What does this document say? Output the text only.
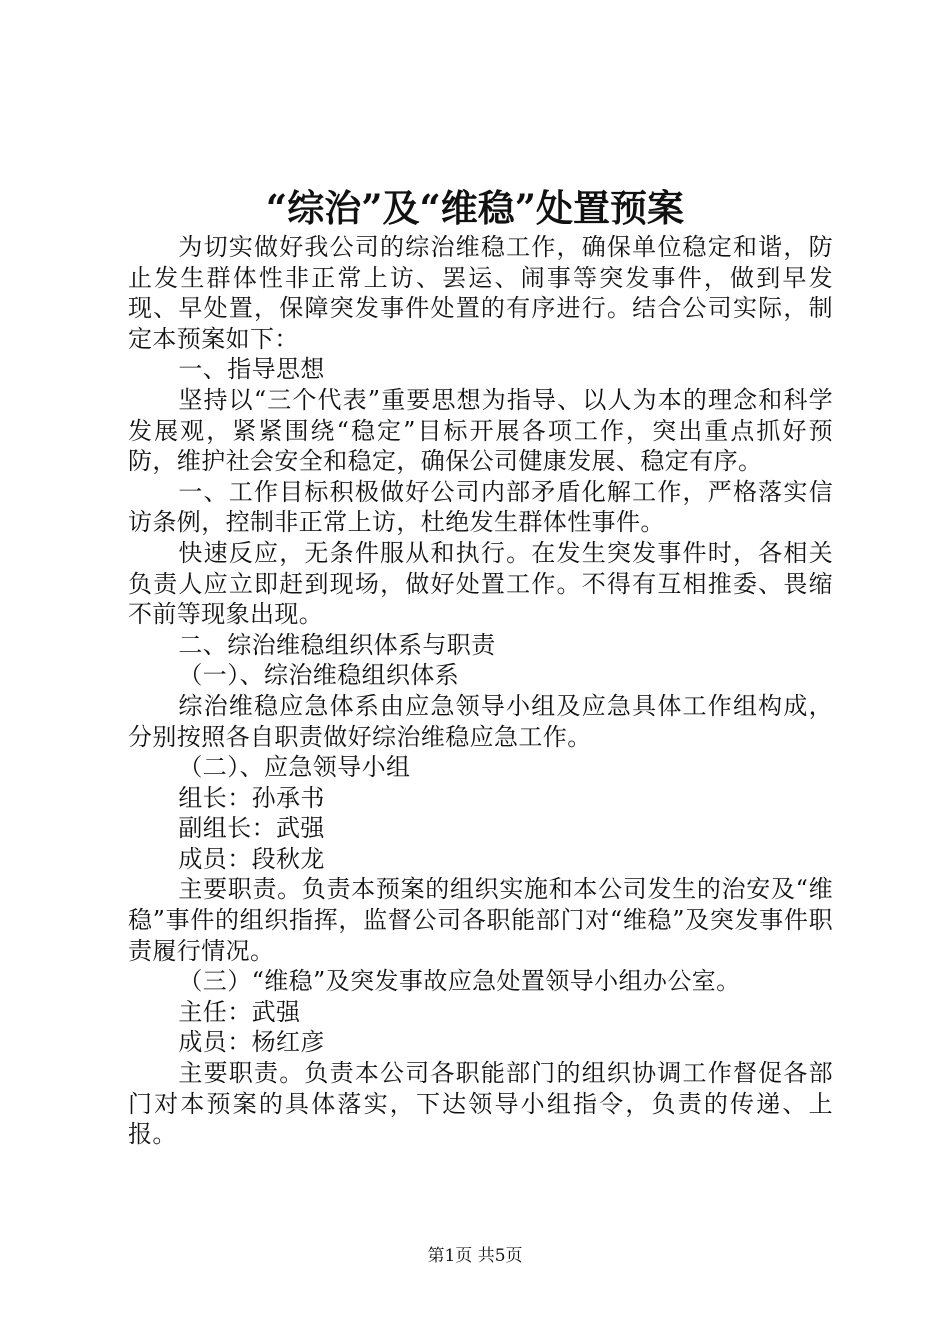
“综治”及“维稳”处置预案

为切实做好我公司的综治维稳工作，确保单位稳定和谐，防止发生群体性非正常上访、罢运、闹事等突发事件，做到早发现、早处置，保障突发事件处置的有序进行。结合公司实际，制定本预案如下：

一、指导思想

坚持以“三个代表”重要思想为指导、以人为本的理念和科学发展观，紧紧围绕“稳定”目标开展各项工作，突出重点抓好预防，维护社会安全和稳定，确保公司健康发展、稳定有序。

一、工作目标积极做好公司内部矛盾化解工作，严格落实信访条例，控制非正常上访，杜绝发生群体性事件。

快速反应，无条件服从和执行。在发生突发事件时，各相关负责人应立即赶到现场，做好处置工作。不得有互相推委、畏缩不前等现象出现。

二、综治维稳组织体系与职责

（一）、综治维稳组织体系

综治维稳应急体系由应急领导小组及应急具体工作组构成，分别按照各自职责做好综治维稳应急工作。

（二）、应急领导小组

组长：孙承书

副组长：武强

成员：段秋龙

主要职责。负责本预案的组织实施和本公司发生的治安及“维稳”事件的组织指挥，监督公司各职能部门对“维稳”及突发事件职责履行情况。

（三）“维稳”及突发事故应急处置领导小组办公室。

主任：武强

成员：杨红彦

主要职责。负责本公司各职能部门的组织协调工作督促各部门对本预案的具体落实，下达领导小组指令，负责的传递、上报。

第1页 共5页
